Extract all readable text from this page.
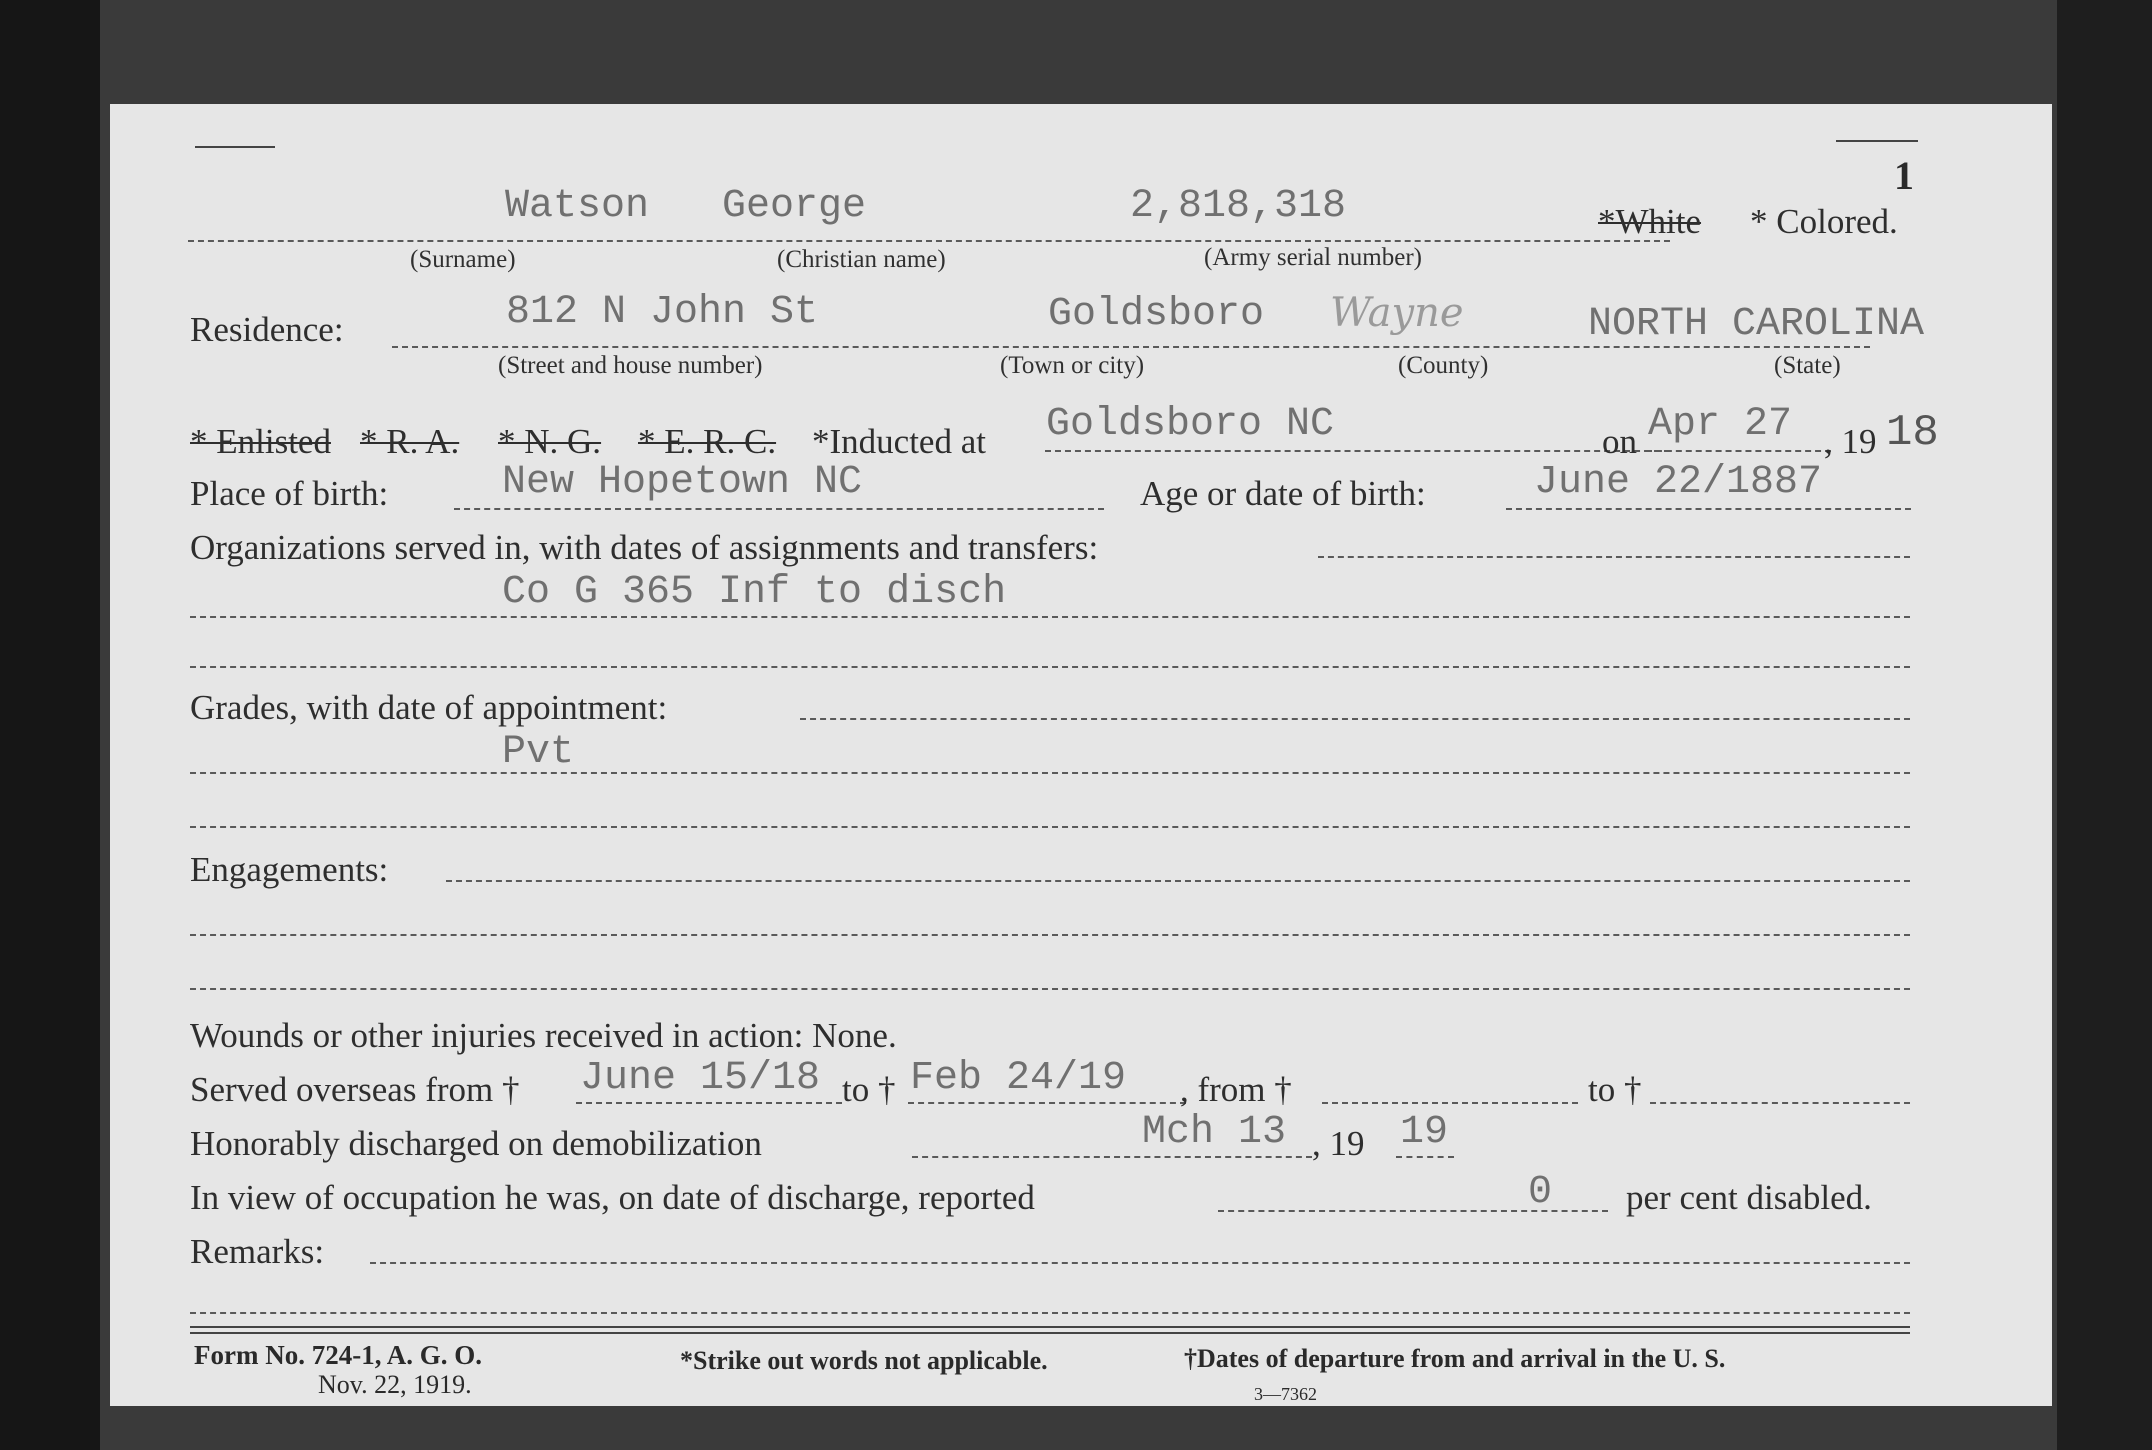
1
Watson George	2,818,318	*White * Colored.
(Surname)	(Christian name)	(Army serial number)
Residence:	812 N John St	Goldsboro Wayne	NORTH CAROLINA
(Street and house number)	(Town or city)	(County)	(State)
* Enlisted * R. A. * N. G. * E. R. C. *Inducted at Goldsboro NC	on Apr 27 , 19 18
Place of birth:	New Hopetown NC	Age or date of birth:	June 22/1887
Organizations served in, with dates of assignments and transfers:
Co G 365 Inf to disch
Grades, with date of appointment:
Pvt
Engagements:
Wounds or other injuries received in action: None.
Served overseas from † June 15/18 to † Feb 24/19 , from †	to †
Honorably discharged on demobilization	Mch 13 , 19 19
In view of occupation he was, on date of discharge, reported	0 per cent disabled.
Remarks:
Form No. 724-1, A. G. O.
Nov. 22, 1919.
*Strike out words not applicable.	†Dates of departure from and arrival in the U. S.
3—7362
